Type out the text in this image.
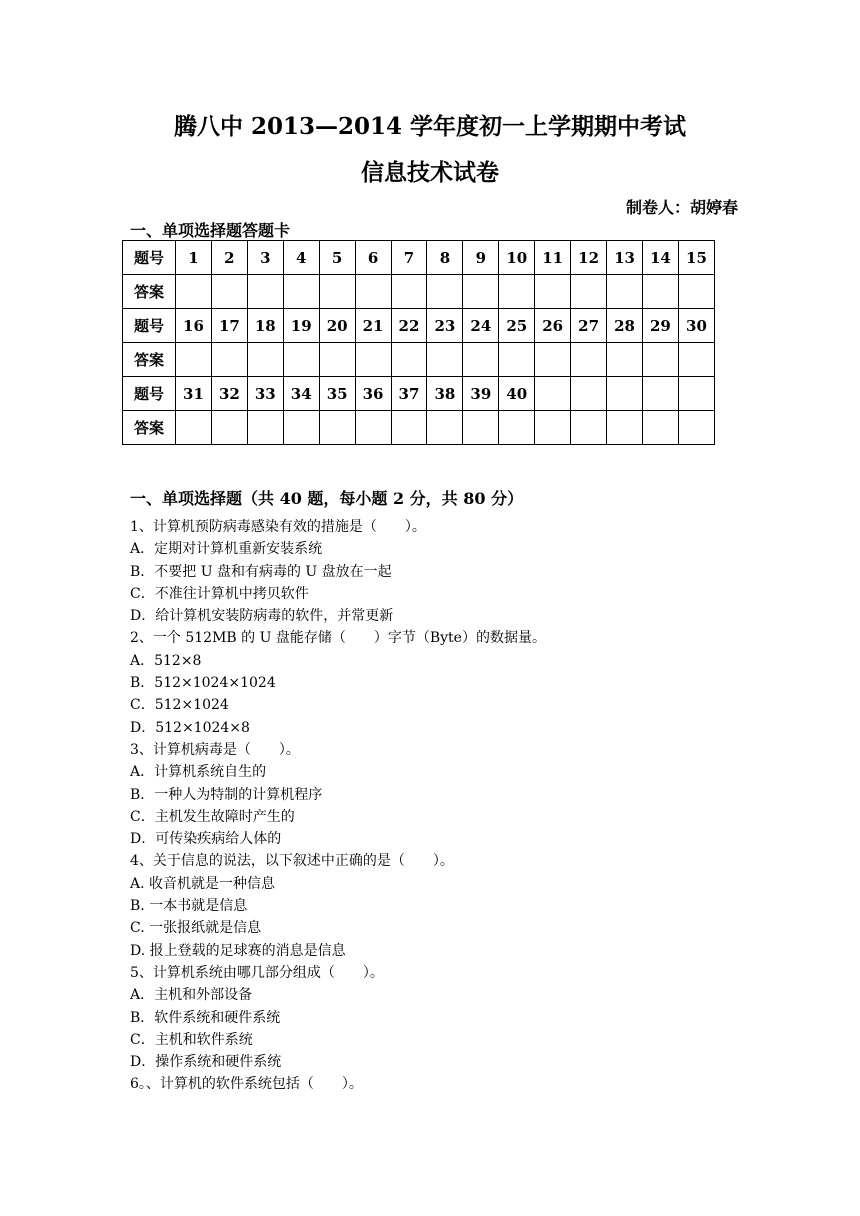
腾八中 2013—2014 学年度初一上学期期中考试
信息技术试卷
制卷人：胡婷春
一、单项选择题答题卡
题号	1	2	3	4	5	6	7	8	9	10	11	12	13	14	15
答案															
题号	16	17	18	19	20	21	22	23	24	25	26	27	28	29	30
答案															
题号	31	32	33	34	35	36	37	38	39	40					
答案															
一、单项选择题（共 40 题，每小题 2 分，共 80 分）
1、计算机预防病毒感染有效的措施是（　　）。
A．定期对计算机重新安装系统
B．不要把 U 盘和有病毒的 U 盘放在一起
C．不准往计算机中拷贝软件
D．给计算机安装防病毒的软件，并常更新
2、一个 512MB 的 U 盘能存储（　　）字节（Byte）的数据量。
A．512×8
B．512×1024×1024
C．512×1024
D．512×1024×8
3、计算机病毒是（　　）。
A．计算机系统自生的
B．一种人为特制的计算机程序
C．主机发生故障时产生的
D．可传染疾病给人体的
4、关于信息的说法，以下叙述中正确的是（　　）。
A. 收音机就是一种信息
B. 一本书就是信息
C. 一张报纸就是信息
D. 报上登载的足球赛的消息是信息
5、计算机系统由哪几部分组成（　　）。
A．主机和外部设备
B．软件系统和硬件系统
C．主机和软件系统
D．操作系统和硬件系统
6。、计算机的软件系统包括（　　）。
